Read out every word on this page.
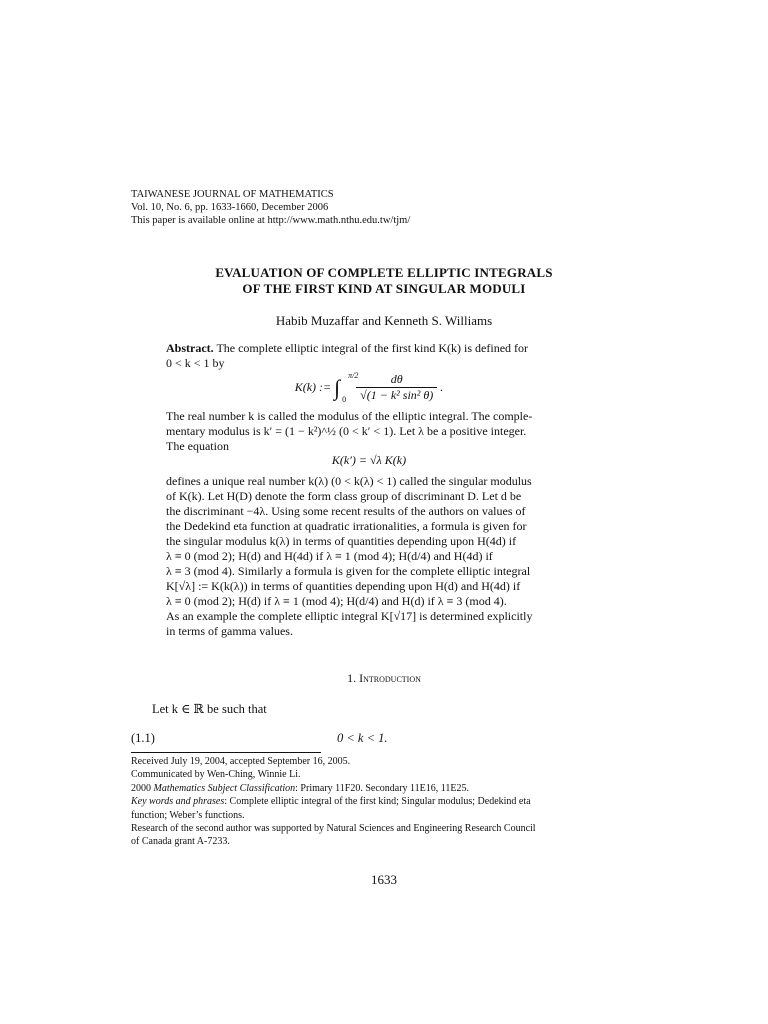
TAIWANESE JOURNAL OF MATHEMATICS
Vol. 10, No. 6, pp. 1633-1660, December 2006
This paper is available online at http://www.math.nthu.edu.tw/tjm/
EVALUATION OF COMPLETE ELLIPTIC INTEGRALS
OF THE FIRST KIND AT SINGULAR MODULI
Habib Muzaffar and Kenneth S. Williams
Abstract. The complete elliptic integral of the first kind K(k) is defined for
0 < k < 1 by
K(k) := ∫ π/2
0
$\frac{d\theta}{\text{√(1 − k² sin² θ)}}$ .
The real number k is called the modulus of the elliptic integral. The comple-
mentary modulus is k′ = (1 − k²)^½ (0 < k′ < 1). Let λ be a positive integer.
The equation
K(k′) = √λ K(k)
defines a unique real number k(λ) (0 < k(λ) < 1) called the singular modulus
of K(k). Let H(D) denote the form class group of discriminant D. Let d be
the discriminant −4λ. Using some recent results of the authors on values of
the Dedekind eta function at quadratic irrationalities, a formula is given for
the singular modulus k(λ) in terms of quantities depending upon H(4d) if
λ ≡ 0 (mod 2); H(d) and H(4d) if λ ≡ 1 (mod 4); H(d/4) and H(4d) if
λ ≡ 3 (mod 4). Similarly a formula is given for the complete elliptic integral
K[√λ] := K(k(λ)) in terms of quantities depending upon H(d) and H(4d) if
λ ≡ 0 (mod 2); H(d) if λ ≡ 1 (mod 4); H(d/4) and H(d) if λ ≡ 3 (mod 4).
As an example the complete elliptic integral K[√17] is determined explicitly
in terms of gamma values.
1. Introduction
Let k ∈ ℝ be such that
(1.1)	0 < k < 1.
Received July 19, 2004, accepted September 16, 2005.
Communicated by Wen-Ching, Winnie Li.
2000 Mathematics Subject Classification: Primary 11F20. Secondary 11E16, 11E25.
Key words and phrases: Complete elliptic integral of the first kind; Singular modulus; Dedekind eta
function; Weber’s functions.
Research of the second author was supported by Natural Sciences and Engineering Research Council
of Canada grant A-7233.
1633
